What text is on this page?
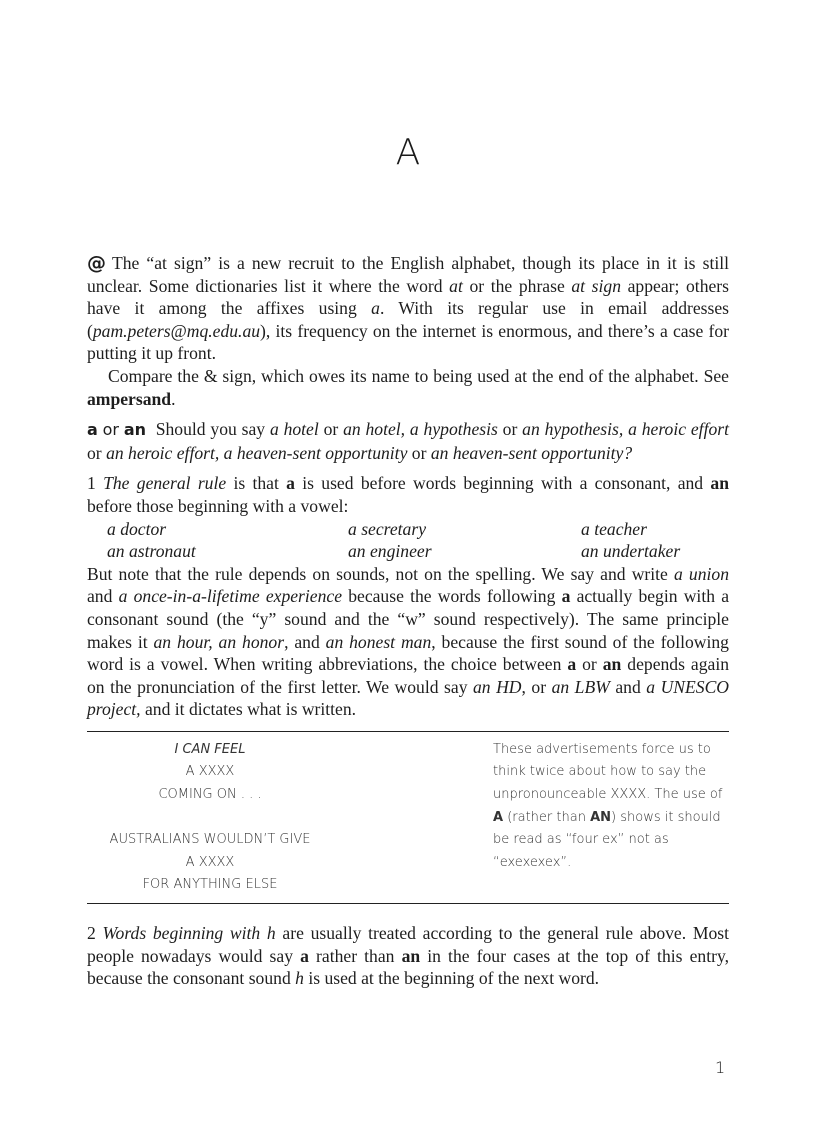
A

@ The “at sign” is a new recruit to the English alphabet, though its place in it is still unclear. Some dictionaries list it where the word at or the phrase at sign appear; others have it among the affixes using a. With its regular use in email addresses (pam.peters@mq.edu.au), its frequency on the internet is enormous, and there’s a case for putting it up front.

Compare the & sign, which owes its name to being used at the end of the alphabet. See ampersand.

a or an Should you say a hotel or an hotel, a hypothesis or an hypothesis, a heroic effort or an heroic effort, a heaven-sent opportunity or an heaven-sent opportunity?

1 The general rule is that a is used before words beginning with a consonant, and an before those beginning with a vowel:

a doctor	a secretary	a teacher
an astronaut	an engineer	an undertaker

But note that the rule depends on sounds, not on the spelling. We say and write a union and a once-in-a-lifetime experience because the words following a actually begin with a consonant sound (the “y” sound and the “w” sound respectively). The same principle makes it an hour, an honor, and an honest man, because the first sound of the following word is a vowel. When writing abbreviations, the choice between a or an depends again on the pronunciation of the first letter. We would say an HD, or an LBW and a UNESCO project, and it dictates what is written.

I CAN FEEL
A XXXX
COMING ON . . .
AUSTRALIANS WOULDN’T GIVE
A XXXX
FOR ANYTHING ELSE
These advertisements force us to think twice about how to say the unpronounceable XXXX. The use of A (rather than AN) shows it should be read as “four ex” not as “exexexex”.

2 Words beginning with h are usually treated according to the general rule above. Most people nowadays would say a rather than an in the four cases at the top of this entry, because the consonant sound h is used at the beginning of the next word.

1
